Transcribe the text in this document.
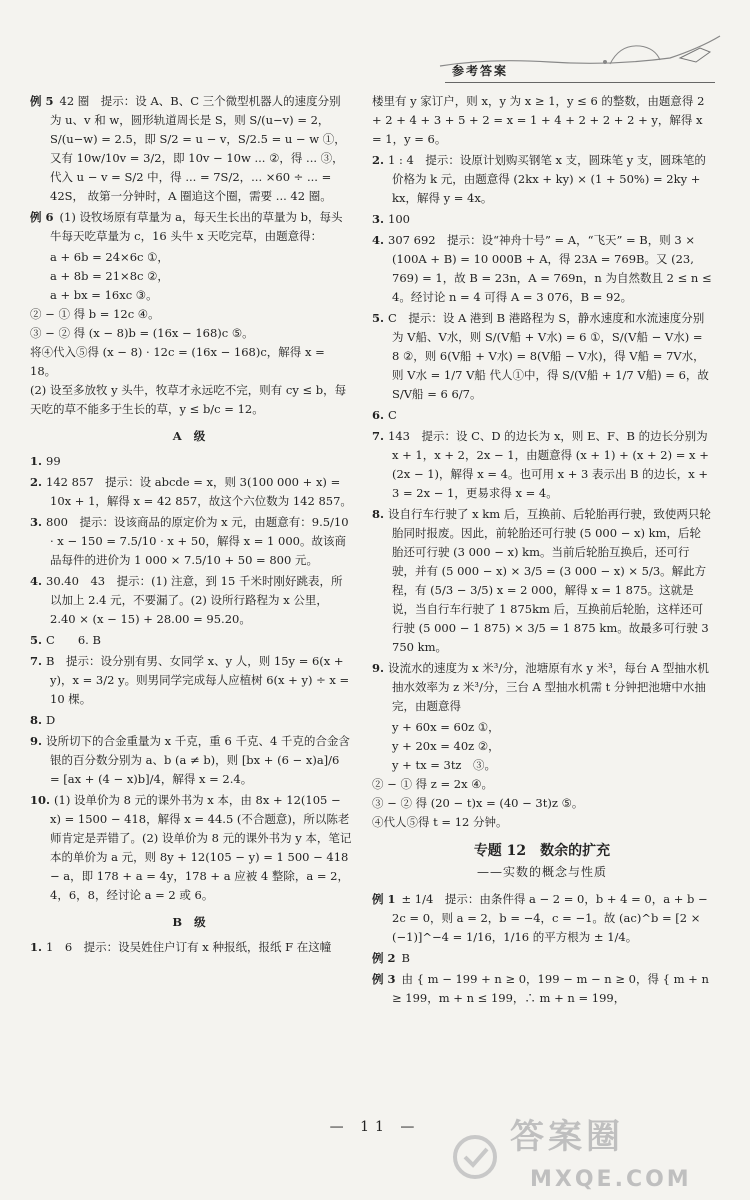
参考答案
例 5 42 圈　提示：设 A、B、C 三个微型机器人的速度分别为 u、v 和 w，圆形轨道周长是 S，则 S/(u−v) = 2，S/(u−w) = 2.5，即 S/2 = u − v，S/2.5 = u − w ①，又有 10w/10v = 3/2，即 10v − 10w ... ②，得 ... ③，代入 u − v = S/2 中，得 ... = 7S/2，... ×60 ÷ ... = 42S， 故第一分钟时，A 圈追这个圈，需要 ... 42 圈。
例 6 (1) 设牧场原有草量为 a，每天生长出的草量为 b，每头牛每天吃草量为 c，16 头牛 x 天吃完草，由题意得：
a + 6b = 24×6c ①，
a + 8b = 21×8c ②，
a + bx = 16xc ③。
② − ① 得 b = 12c ④。
③ − ② 得 (x − 8)b = (16x − 168)c ⑤。
将④代入⑤得 (x − 8) · 12c = (16x − 168)c，解得 x = 18。
(2) 设至多放牧 y 头牛，牧草才永远吃不完，则有 cy ≤ b，每天吃的草不能多于生长的草，y ≤ b/c = 12。
A 级
1. 99
2. 142 857　提示：设 abcde = x，则 3(100 000 + x) = 10x + 1，解得 x = 42 857，故这个六位数为 142 857。
3. 800　提示：设该商品的原定价为 x 元，由题意有：9.5/10 · x − 150 = 7.5/10 · x + 50，解得 x = 1 000。故该商品每件的进价为 1 000 × 7.5/10 + 50 = 800 元。
4. 30.40　43　提示：(1) 注意，到 15 千米时刚好跳表，所以加上 2.4 元，不要漏了。(2) 设所行路程为 x 公里，2.40 × (x − 15) + 28.00 = 95.20。
5. C　　6. B
7. B　提示：设分别有男、女同学 x、y 人，则 15y = 6(x + y)，x = 3/2 y。则男同学完成每人应植树 6(x + y) ÷ x = 10 棵。
8. D
9. 设所切下的合金重量为 x 千克，重 6 千克、4 千克的合金含银的百分数分别为 a、b (a ≠ b)，则 [bx + (6 − x)a]/6 = [ax + (4 − x)b]/4，解得 x = 2.4。
10. (1) 设单价为 8 元的课外书为 x 本，由 8x + 12(105 − x) = 1500 − 418，解得 x = 44.5 (不合题意)，所以陈老师肯定是弄错了。(2) 设单价为 8 元的课外书为 y 本，笔记本的单价为 a 元，则 8y + 12(105 − y) = 1 500 − 418 − a，即 178 + a = 4y，178 + a 应被 4 整除，a = 2，4，6，8，经讨论 a = 2 或 6。
B 级
1. 1　6　提示：设吴姓住户订有 x 种报纸，报纸 F 在这幢
楼里有 y 家订户，则 x，y 为 x ≥ 1，y ≤ 6 的整数，由题意得 2 + 2 + 4 + 3 + 5 + 2 = x = 1 + 4 + 2 + 2 + 2 + y，解得 x = 1，y = 6。
2. 1 : 4　提示：设原计划购买钢笔 x 支，圆珠笔 y 支，圆珠笔的价格为 k 元，由题意得 (2kx + ky) × (1 + 50%) = 2ky + kx，解得 y = 4x。
3. 100
4. 307 692　提示：设“神舟十号” = A，“飞天” = B，则 3 × (100A + B) = 10 000B + A，得 23A = 769B。又 (23, 769) = 1，故 B = 23n，A = 769n，n 为自然数且 2 ≤ n ≤ 4。经讨论 n = 4 可得 A = 3 076，B = 92。
5. C　提示：设 A 港到 B 港路程为 S，静水速度和水流速度分别为 V船、V水，则 S/(V船 + V水) = 6 ①，S/(V船 − V水) = 8 ②，则 6(V船 + V水) = 8(V船 − V水)，得 V船 = 7V水，则 V水 = 1/7 V船 代人①中，得 S/(V船 + 1/7 V船) = 6，故 S/V船 = 6 6/7。
6. C
7. 143　提示：设 C、D 的边长为 x，则 E、F、B 的边长分别为 x + 1，x + 2，2x − 1，由题意得 (x + 1) + (x + 2) = x + (2x − 1)，解得 x = 4。也可用 x + 3 表示出 B 的边长，x + 3 = 2x − 1，更易求得 x = 4。
8. 设自行车行驶了 x km 后，互换前、后轮胎再行驶，致使两只轮胎同时报废。因此，前轮胎还可行驶 (5 000 − x) km，后轮胎还可行驶 (3 000 − x) km。当前后轮胎互换后，还可行驶，并有 (5 000 − x) × 3/5 = (3 000 − x) × 5/3。解此方程，有 (5/3 − 3/5) x = 2 000，解得 x = 1 875。这就是说，当自行车行驶了 1 875km 后，互换前后轮胎，这样还可行驶 (5 000 − 1 875) × 3/5 = 1 875 km。故最多可行驶 3 750 km。
9. 设流水的速度为 x 米³/分，池塘原有水 y 米³，每台 A 型抽水机抽水效率为 z 米³/分，三台 A 型抽水机需 t 分钟把池塘中水抽完，由题意得
y + 60x = 60z ①，
y + 20x = 40z ②，
y + tx = 3tz　③。
② − ① 得 z = 2x ④。
③ − ② 得 (20 − t)x = (40 − 3t)z ⑤。
④代人⑤得 t = 12 分钟。
专题 12　数余的扩充
——实数的概念与性质
例 1 ± 1/4　提示：由条件得 a − 2 = 0，b + 4 = 0，a + b − 2c = 0，则 a = 2，b = −4，c = −1。故 (ac)^b = [2 × (−1)]^−4 = 1/16，1/16 的平方根为 ± 1/4。
例 2 B
例 3 由 { m − 199 + n ≥ 0，199 − m − n ≥ 0，得 { m + n ≥ 199，m + n ≤ 199，∴ m + n = 199，
— 11 —	答案圈
MXQE.COM
